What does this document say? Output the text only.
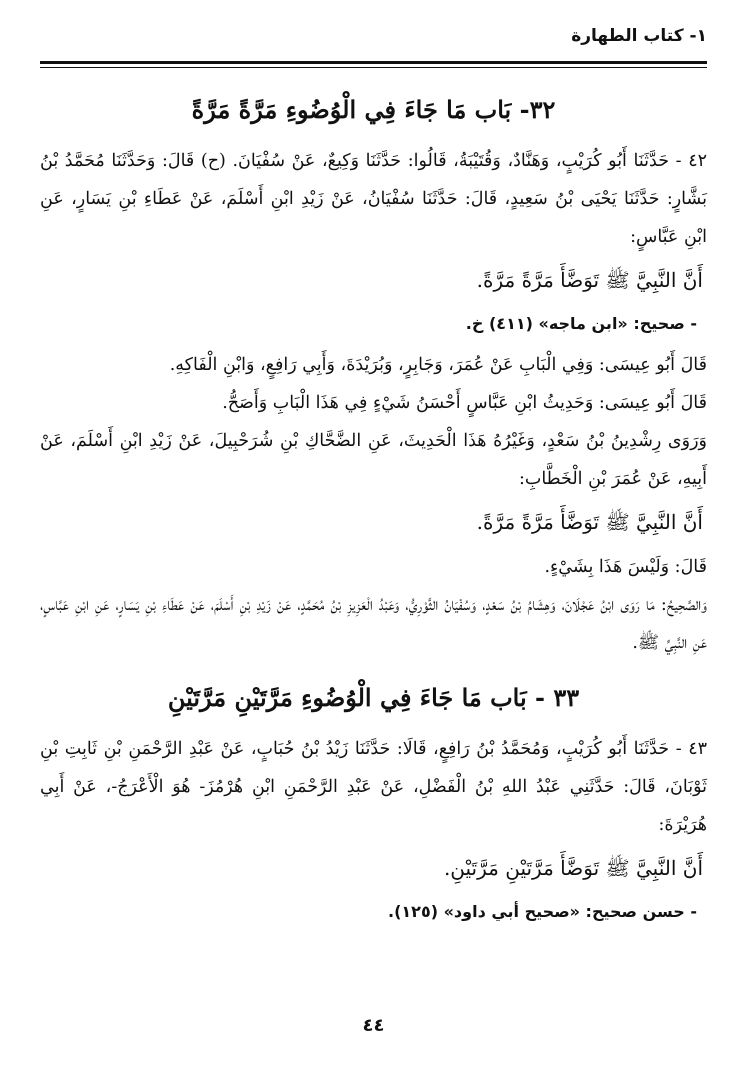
١- كتاب الطهارة
٣٢- بَاب مَا جَاءَ فِي الْوُضُوءِ مَرَّةً مَرَّةً

٤٢ - حَدَّثَنَا أَبُو كُرَيْبٍ، وَهَنَّادٌ، وَقُتَيْبَةُ، قَالُوا: حَدَّثَنَا وَكِيعٌ، عَنْ سُفْيَانَ. (ح) قَالَ: وَحَدَّثَنَا مُحَمَّدُ بْنُ بَشَّارٍ: حَدَّثَنَا يَحْيَى بْنُ سَعِيدٍ، قَالَ: حَدَّثَنَا سُفْيَانُ، عَنْ زَيْدِ ابْنِ أَسْلَمَ، عَنْ عَطَاءِ بْنِ يَسَارٍ، عَنِ ابْنِ عَبَّاسٍ:

أَنَّ النَّبِيَّ ﷺ تَوَضَّأَ مَرَّةً مَرَّةً.

- صحيح: «ابن ماجه» (٤١١) خ.

قَالَ أَبُو عِيسَى: وَفِي الْبَابِ عَنْ عُمَرَ، وَجَابِرٍ، وَبُرَيْدَةَ، وَأَبِي رَافِعٍ، وَابْنِ الْفَاكِهِ.

قَالَ أَبُو عِيسَى: وَحَدِيثُ ابْنِ عَبَّاسٍ أَحْسَنُ شَيْءٍ فِي هَذَا الْبَابِ وَأَصَحُّ.

وَرَوَى رِشْدِينُ بْنُ سَعْدٍ، وَغَيْرُهُ هَذَا الْحَدِيثَ، عَنِ الضَّحَّاكِ بْنِ شُرَحْبِيلَ، عَنْ زَيْدِ ابْنِ أَسْلَمَ، عَنْ أَبِيهِ، عَنْ عُمَرَ بْنِ الْخَطَّابِ:

أَنَّ النَّبِيَّ ﷺ تَوَضَّأَ مَرَّةً مَرَّةً.

قَالَ: وَلَيْسَ هَذَا بِشَيْءٍ.

وَالصَّحِيحُ: مَا رَوَى ابْنُ عَجْلَانَ، وَهِشَامُ بْنُ سَعْدٍ، وَسُفْيَانُ الثَّوْرِيُّ، وَعَبْدُ الْعَزِيزِ بْنُ مُحَمَّدٍ، عَنْ زَيْدِ بْنِ أَسْلَمَ، عَنْ عَطَاءِ بْنِ يَسَارٍ، عَنِ ابْنِ عَبَّاسٍ، عَنِ النَّبِيِّ ﷺ.

٣٣ - بَاب مَا جَاءَ فِي الْوُضُوءِ مَرَّتَيْنِ مَرَّتَيْنِ

٤٣ - حَدَّثَنَا أَبُو كُرَيْبٍ، وَمُحَمَّدُ بْنُ رَافِعٍ، قَالَا: حَدَّثَنَا زَيْدُ بْنُ حُبَابٍ، عَنْ عَبْدِ الرَّحْمَنِ بْنِ ثَابِتِ بْنِ ثَوْبَانَ، قَالَ: حَدَّثَنِي عَبْدُ اللهِ بْنُ الْفَضْلِ، عَنْ عَبْدِ الرَّحْمَنِ ابْنِ هُرْمُزَ- هُوَ الْأَعْرَجُ-، عَنْ أَبِي هُرَيْرَةَ:

أَنَّ النَّبِيَّ ﷺ تَوَضَّأَ مَرَّتَيْنِ مَرَّتَيْنِ.

- حسن صحيح: «صحيح أبي داود» (١٢٥).

٤٤
